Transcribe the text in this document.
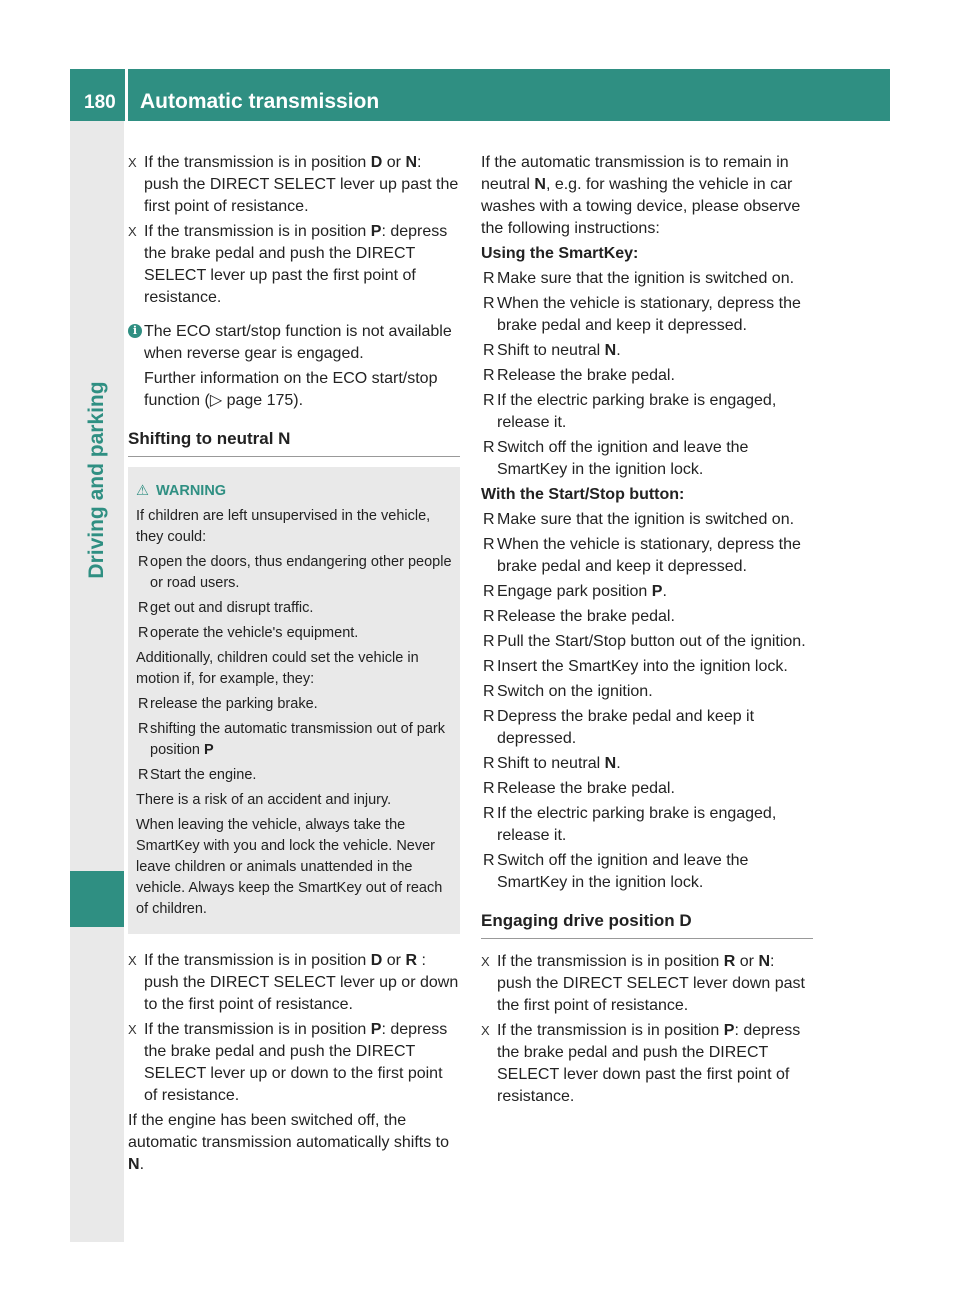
180 Automatic transmission
Driving and parking
X If the transmission is in position D or N: push the DIRECT SELECT lever up past the first point of resistance.
X If the transmission is in position P: depress the brake pedal and push the DIRECT SELECT lever up past the first point of resistance.
i The ECO start/stop function is not available when reverse gear is engaged.
Further information on the ECO start/stop function (▷ page 175).
Shifting to neutral N
⚠ WARNING
If children are left unsupervised in the vehicle, they could:
R open the doors, thus endangering other people or road users.
R get out and disrupt traffic.
R operate the vehicle's equipment.
Additionally, children could set the vehicle in motion if, for example, they:
R release the parking brake.
R shifting the automatic transmission out of park position P
R Start the engine.
There is a risk of an accident and injury.
When leaving the vehicle, always take the SmartKey with you and lock the vehicle. Never leave children or animals unattended in the vehicle. Always keep the SmartKey out of reach of children.
X If the transmission is in position D or R : push the DIRECT SELECT lever up or down to the first point of resistance.
X If the transmission is in position P: depress the brake pedal and push the DIRECT SELECT lever up or down to the first point of resistance.
If the engine has been switched off, the automatic transmission automatically shifts to N.
If the automatic transmission is to remain in neutral N, e.g. for washing the vehicle in car washes with a towing device, please observe the following instructions:
Using the SmartKey:
R Make sure that the ignition is switched on.
R When the vehicle is stationary, depress the brake pedal and keep it depressed.
R Shift to neutral N.
R Release the brake pedal.
R If the electric parking brake is engaged, release it.
R Switch off the ignition and leave the SmartKey in the ignition lock.
With the Start/Stop button:
R Make sure that the ignition is switched on.
R When the vehicle is stationary, depress the brake pedal and keep it depressed.
R Engage park position P.
R Release the brake pedal.
R Pull the Start/Stop button out of the ignition.
R Insert the SmartKey into the ignition lock.
R Switch on the ignition.
R Depress the brake pedal and keep it depressed.
R Shift to neutral N.
R Release the brake pedal.
R If the electric parking brake is engaged, release it.
R Switch off the ignition and leave the SmartKey in the ignition lock.
Engaging drive position D
X If the transmission is in position R or N: push the DIRECT SELECT lever down past the first point of resistance.
X If the transmission is in position P: depress the brake pedal and push the DIRECT SELECT lever down past the first point of resistance.
